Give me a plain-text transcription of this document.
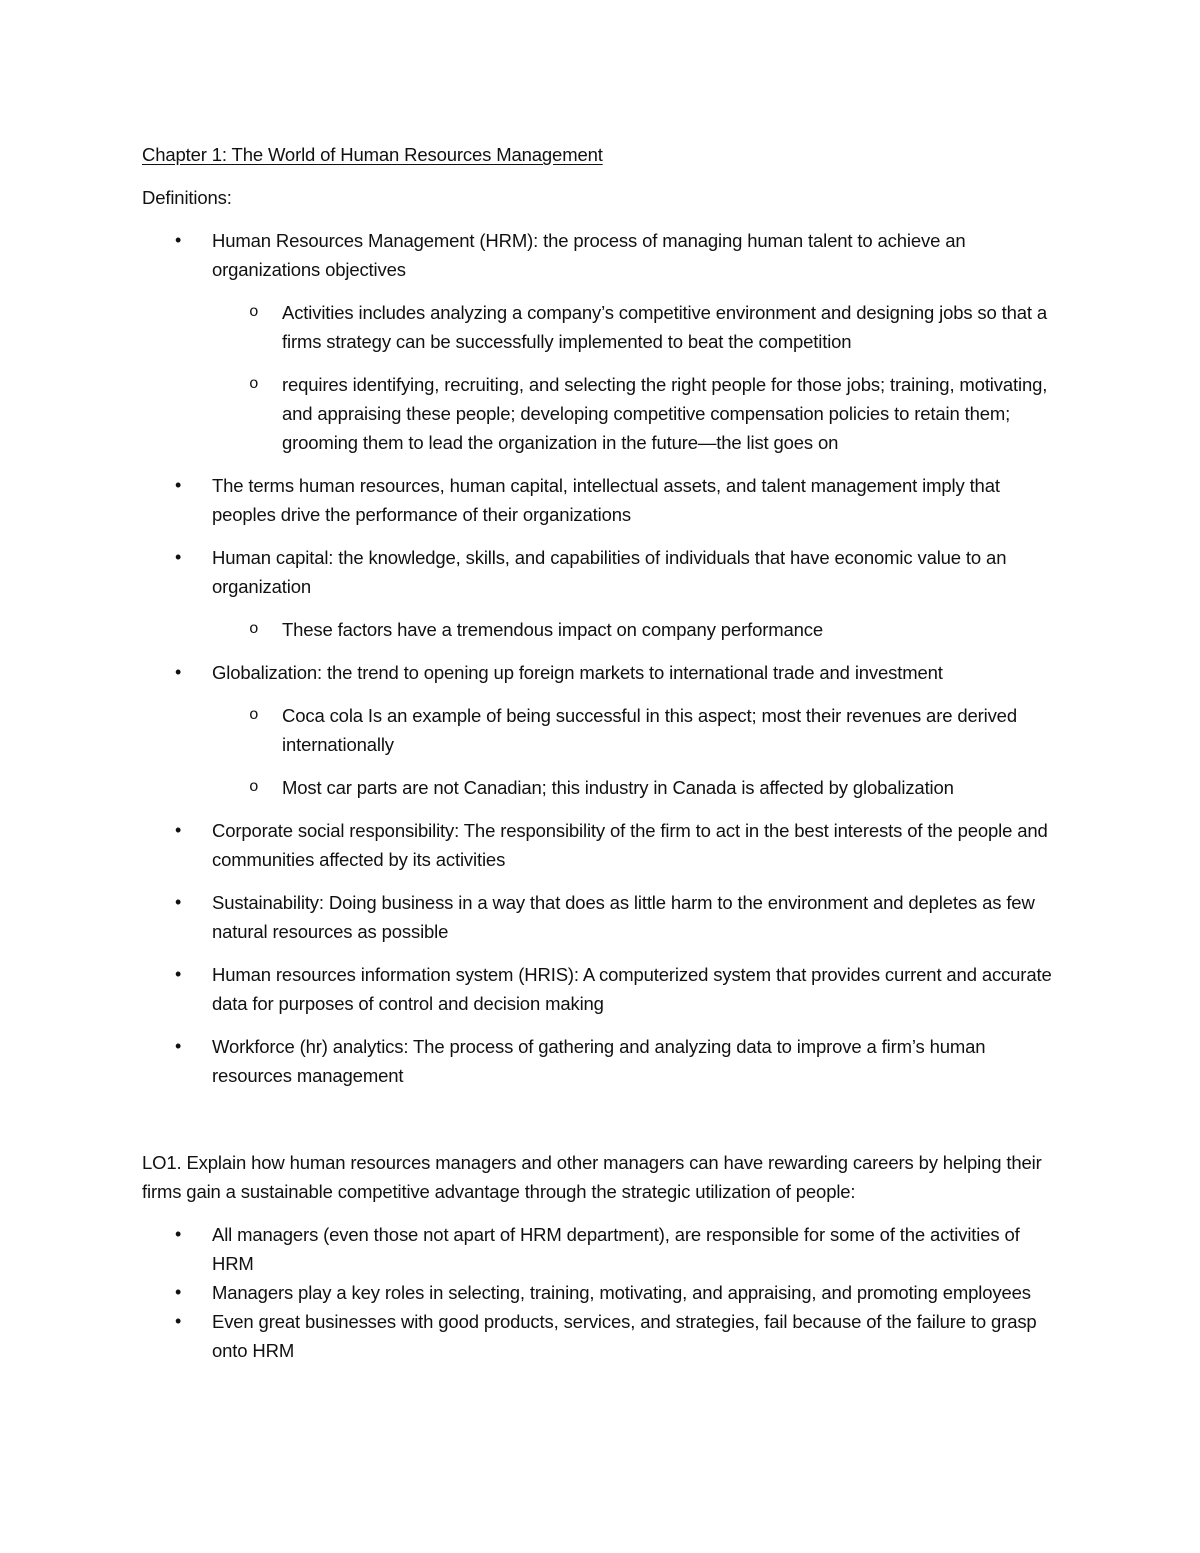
Chapter 1: The World of Human Resources Management
Definitions:
• Human Resources Management (HRM): the process of managing human talent to achieve an organizations objectives
o Activities includes analyzing a company’s competitive environment and designing jobs so that a firms strategy can be successfully implemented to beat the competition
o requires identifying, recruiting, and selecting the right people for those jobs; training, motivating, and appraising these people; developing competitive compensation policies to retain them; grooming them to lead the organization in the future—the list goes on
• The terms human resources, human capital, intellectual assets, and talent management imply that peoples drive the performance of their organizations
• Human capital: the knowledge, skills, and capabilities of individuals that have economic value to an organization
o These factors have a tremendous impact on company performance
• Globalization: the trend to opening up foreign markets to international trade and investment
o Coca cola Is an example of being successful in this aspect; most their revenues are derived internationally
o Most car parts are not Canadian; this industry in Canada is affected by globalization
• Corporate social responsibility: The responsibility of the firm to act in the best interests of the people and communities affected by its activities
• Sustainability: Doing business in a way that does as little harm to the environment and depletes as few natural resources as possible
• Human resources information system (HRIS): A computerized system that provides current and accurate data for purposes of control and decision making
• Workforce (hr) analytics: The process of gathering and analyzing data to improve a firm’s human resources management
LO1. Explain how human resources managers and other managers can have rewarding careers by helping their firms gain a sustainable competitive advantage through the strategic utilization of people:
• All managers (even those not apart of HRM department), are responsible for some of the activities of HRM
• Managers play a key roles in selecting, training, motivating, and appraising, and promoting employees
• Even great businesses with good products, services, and strategies, fail because of the failure to grasp onto HRM
